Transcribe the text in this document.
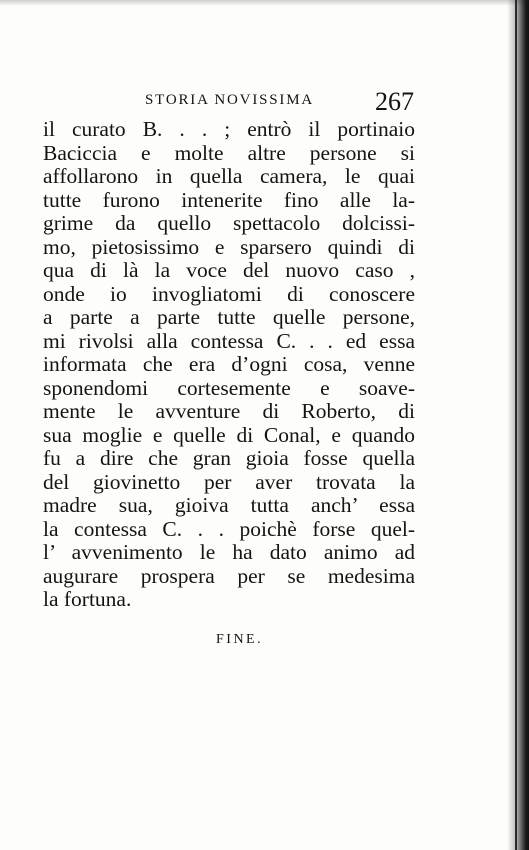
STORIA NOVISSIMA 267
il curato B. . . ; entrò il portinaio
Baciccia e molte altre persone si
affollarono in quella camera, le quai
tutte furono intenerite fino alle la-
grime da quello spettacolo dolcissi-
mo, pietosissimo e sparsero quindi di
qua di là la voce del nuovo caso ,
onde io invogliatomi di conoscere
a parte a parte tutte quelle persone,
mi rivolsi alla contessa C. . . ed essa
informata che era d’ogni cosa, venne
sponendomi cortesemente e soave-
mente le avventure di Roberto, di
sua moglie e quelle di Conal, e quando
fu a dire che gran gioia fosse quella
del giovinetto per aver trovata la
madre sua, gioiva tutta anch’ essa
la contessa C. . . poichè forse quel-
l’ avvenimento le ha dato animo ad
augurare prospera per se medesima
la fortuna.
FINE.
